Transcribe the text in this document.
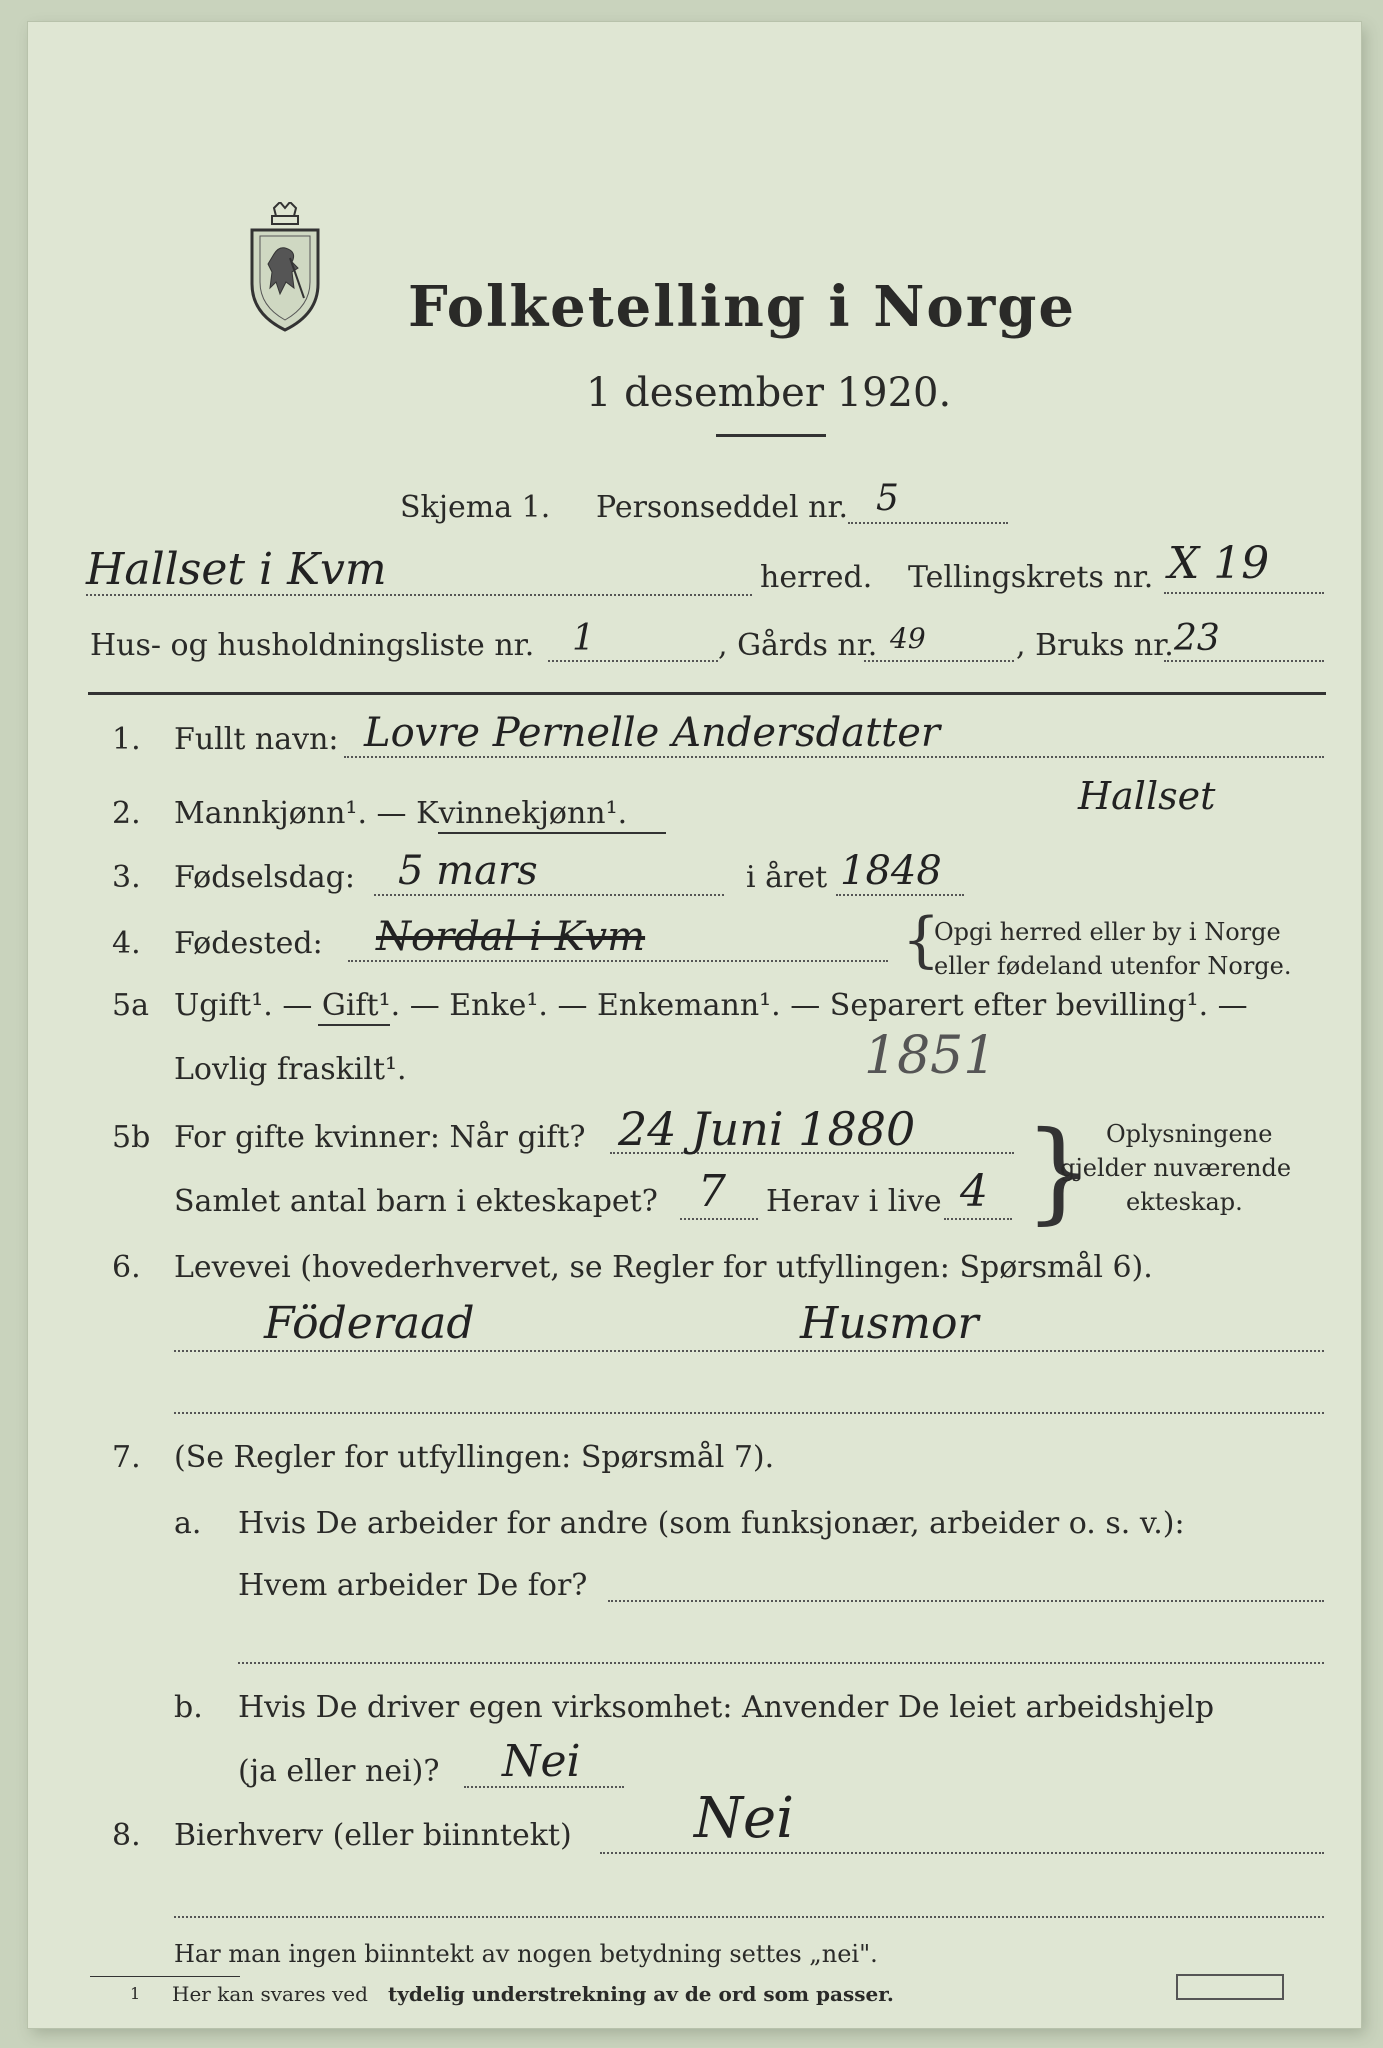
Folketelling i Norge
1 desember 1920.
Skjema 1. Personseddel nr. 5
Hallset i Kvm	herred. Tellingskrets nr. X 19
Hus- og husholdningsliste nr. 1	, Gårds nr. 49	, Bruks nr. 23
1. Fullt navn: Lovre Pernelle Andersdatter
Hallset
2. Mannkjønn¹. — Kvinnekjønn¹.
3. Fødselsdag: 5 mars	i året 1848
4. Fødested: Nordal i Kvm	{
Opgi herred eller by i Norge
eller fødeland utenfor Norge.
5a Ugift¹. — Gift¹. — Enke¹. — Enkemann¹. — Separert efter bevilling¹. —
Lovlig fraskilt¹.	1851
5b For gifte kvinner: Når gift? 24 Juni 1880
Samlet antal barn i ekteskapet? 7 Herav i live 4 } Oplysningene
gjelder nuværende
ekteskap.
6. Levevei (hovederhvervet, se Regler for utfyllingen: Spørsmål 6).
Föderaad	Husmor
7. (Se Regler for utfyllingen: Spørsmål 7).
a. Hvis De arbeider for andre (som funksjonær, arbeider o. s. v.):
Hvem arbeider De for?
b. Hvis De driver egen virksomhet: Anvender De leiet arbeidshjelp
(ja eller nei)? Nei
8. Bierhverv (eller biinntekt) Nei
Har man ingen biinntekt av nogen betydning settes „nei".
1 Her kan svares ved tydelig understrekning av de ord som passer.
